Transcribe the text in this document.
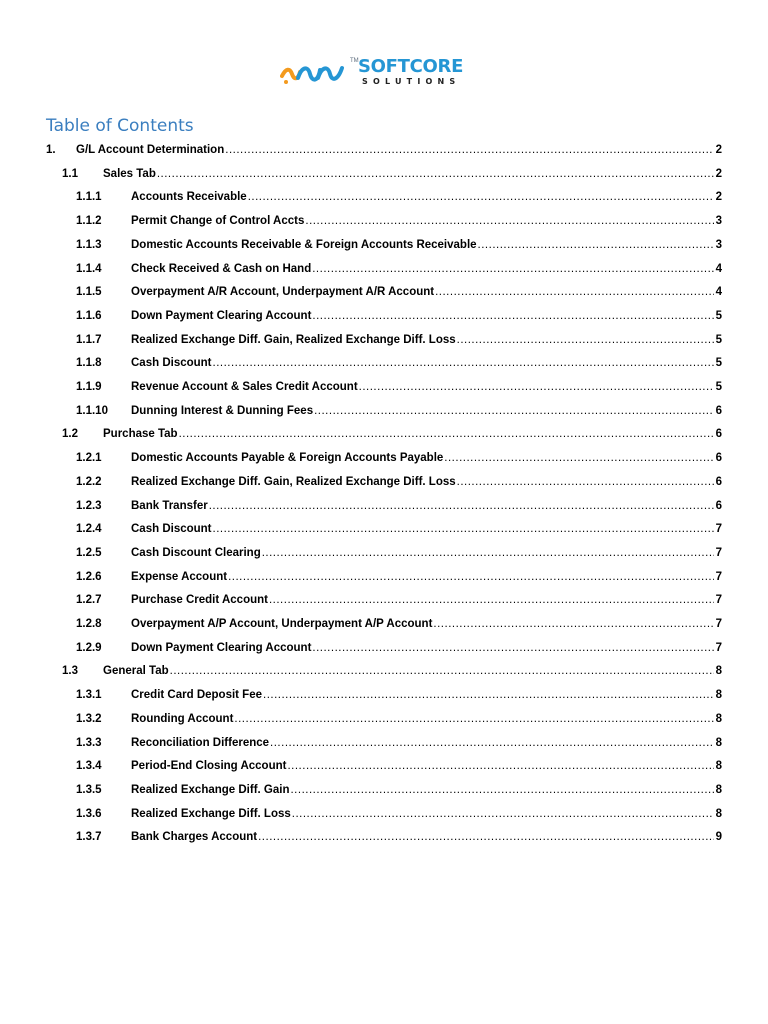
TM SOFTCORE
SOLUTIONS
Table of Contents
1. G/L Account Determination .....	2
1.1 Sales Tab .....	2
1.1.1	Accounts Receivable .....	2
1.1.2	Permit Change of Control Accts .....	3
1.1.3	Domestic Accounts Receivable & Foreign Accounts Receivable .....	3
1.1.4	Check Received & Cash on Hand .....	4
1.1.5	Overpayment A/R Account, Underpayment A/R Account .....	4
1.1.6	Down Payment Clearing Account .....	5
1.1.7	Realized Exchange Diff. Gain, Realized Exchange Diff. Loss .....	5
1.1.8	Cash Discount .....	5
1.1.9	Revenue Account & Sales Credit Account .....	5
1.1.10 Dunning Interest & Dunning Fees .....	6
1.2 Purchase Tab .....	6
1.2.1	Domestic Accounts Payable & Foreign Accounts Payable .....	6
1.2.2	Realized Exchange Diff. Gain, Realized Exchange Diff. Loss .....	6
1.2.3	Bank Transfer .....	6
1.2.4	Cash Discount .....	7
1.2.5	Cash Discount Clearing .....	7
1.2.6	Expense Account .....	7
1.2.7	Purchase Credit Account .....	7
1.2.8	Overpayment A/P Account, Underpayment A/P Account .....	7
1.2.9	Down Payment Clearing Account .....	7
1.3 General Tab .....	8
1.3.1	Credit Card Deposit Fee .....	8
1.3.2	Rounding Account .....	8
1.3.3	Reconciliation Difference .....	8
1.3.4	Period-End Closing Account .....	8
1.3.5	Realized Exchange Diff. Gain .....	8
1.3.6	Realized Exchange Diff. Loss .....	8
1.3.7	Bank Charges Account .....	9
